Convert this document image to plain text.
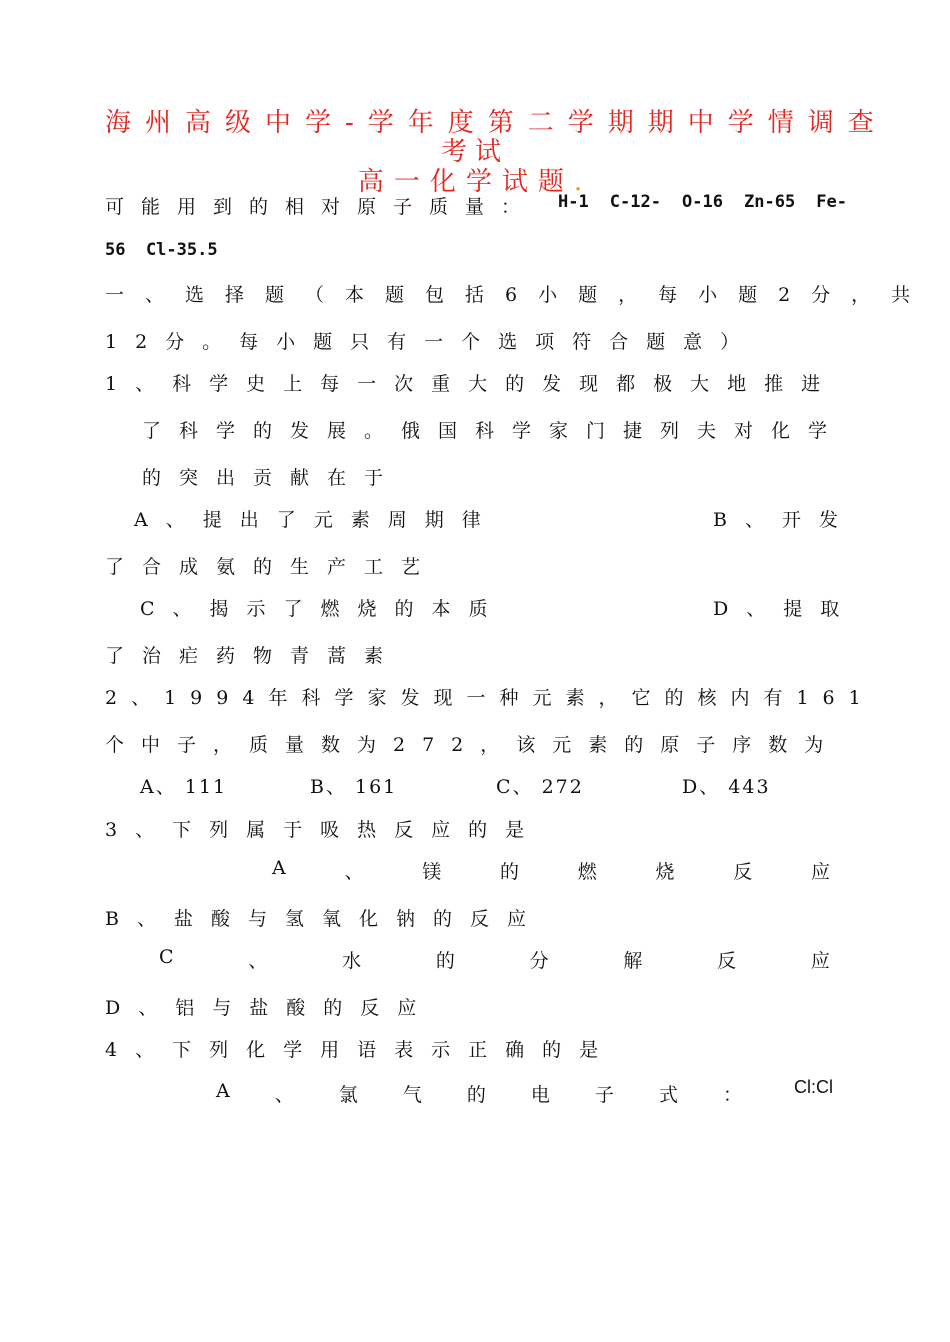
海州高级中学-学年度第二学期期中学情调查
考试
高一化学试题.
可能用到的相对原子质量： H-1 C-12- O-16 Zn-65 Fe-
56  Cl-35.5
一、选择题（本题包括6小题，每小题2分，共
12分。每小题只有一个选项符合题意）
1、科学史上每一次重大的发现都极大地推进
了科学的发展。俄国科学家门捷列夫对化学
的突出贡献在于
A、提出了元素周期律	B、开发
了合成氨的生产工艺
C、揭示了燃烧的本质	D、提取
了治疟药物青蒿素
2、1994年科学家发现一种元素，它的核内有161
个中子，质量数为272，该元素的原子序数为
A、 111	B、 161	C、 272	D、 443
3、下列属于吸热反应的是
A	、	镁	的	燃	烧	反	应
B、盐酸与氢氧化钠的反应
C	、	水	的	分	解	反	应
D、铝与盐酸的反应
4、下列化学用语表示正确的是
A 、 氯 气 的 电 子 式 ：	Cl:Cl
